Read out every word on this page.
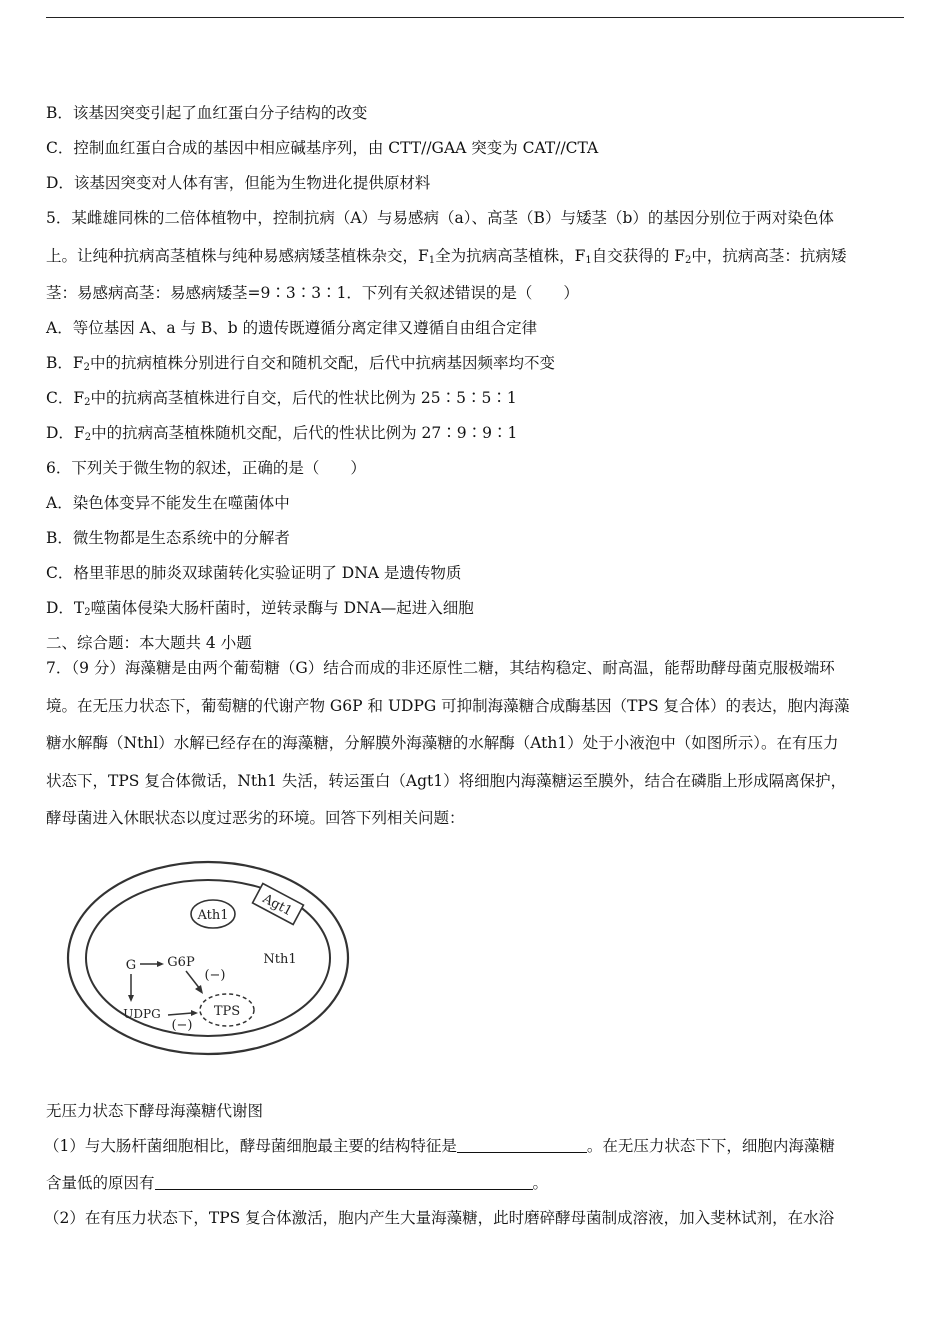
B．该基因突变引起了血红蛋白分子结构的改变
C．控制血红蛋白合成的基因中相应碱基序列，由 CTT//GAA 突变为 CAT//CTA
D．该基因突变对人体有害，但能为生物进化提供原材料
5．某雌雄同株的二倍体植物中，控制抗病（A）与易感病（a）、高茎（B）与矮茎（b）的基因分别位于两对染色体
上。让纯种抗病高茎植株与纯种易感病矮茎植株杂交，$F_1$全为抗病高茎植株，$F_1$自交获得的 $F_2$中，抗病高茎：抗病矮
茎：易感病高茎：易感病矮茎=9∶3∶3∶1．下列有关叙述错误的是（　　）
A．等位基因 A、a 与 B、b 的遗传既遵循分离定律又遵循自由组合定律
B．$F_2$中的抗病植株分别进行自交和随机交配，后代中抗病基因频率均不变
C．$F_2$中的抗病高茎植株进行自交，后代的性状比例为 25∶5∶5∶1
D．$F_2$中的抗病高茎植株随机交配，后代的性状比例为 27∶9∶9∶1
6．下列关于微生物的叙述，正确的是（　　）
A．染色体变异不能发生在噬菌体中
B．微生物都是生态系统中的分解者
C．格里菲思的肺炎双球菌转化实验证明了 DNA 是遗传物质
D．$T_2$噬菌体侵染大肠杆菌时，逆转录酶与 DNA—起进入细胞
二、综合题：本大题共 4 小题
7．（9 分）海藻糖是由两个葡萄糖（G）结合而成的非还原性二糖，其结构稳定、耐高温，能帮助酵母菌克服极端环
境。在无压力状态下，葡萄糖的代谢产物 G6P 和 UDPG 可抑制海藻糖合成酶基因（TPS 复合体）的表达，胞内海藻
糖水解酶（Nthl）水解已经存在的海藻糖，分解膜外海藻糖的水解酶（Ath1）处于小液泡中（如图所示）。在有压力
状态下，TPS 复合体微话，Nth1 失活，转运蛋白（Agt1）将细胞内海藻糖运至膜外，结合在磷脂上形成隔离保护，
酵母菌进入休眠状态以度过恶劣的环境。回答下列相关问题：
无压力状态下酵母海藻糖代谢图
（1）与大肠杆菌细胞相比，酵母菌细胞最主要的结构特征是	。在无压力状态下下，细胞内海藻糖
含量低的原因有	。
（2）在有压力状态下，TPS 复合体激活，胞内产生大量海藻糖，此时磨碎酵母菌制成溶液，加入斐林试剂，在水浴
Agt1
Ath1
Nth1
G G6P
(−)
UDPG
(−)
TPS
